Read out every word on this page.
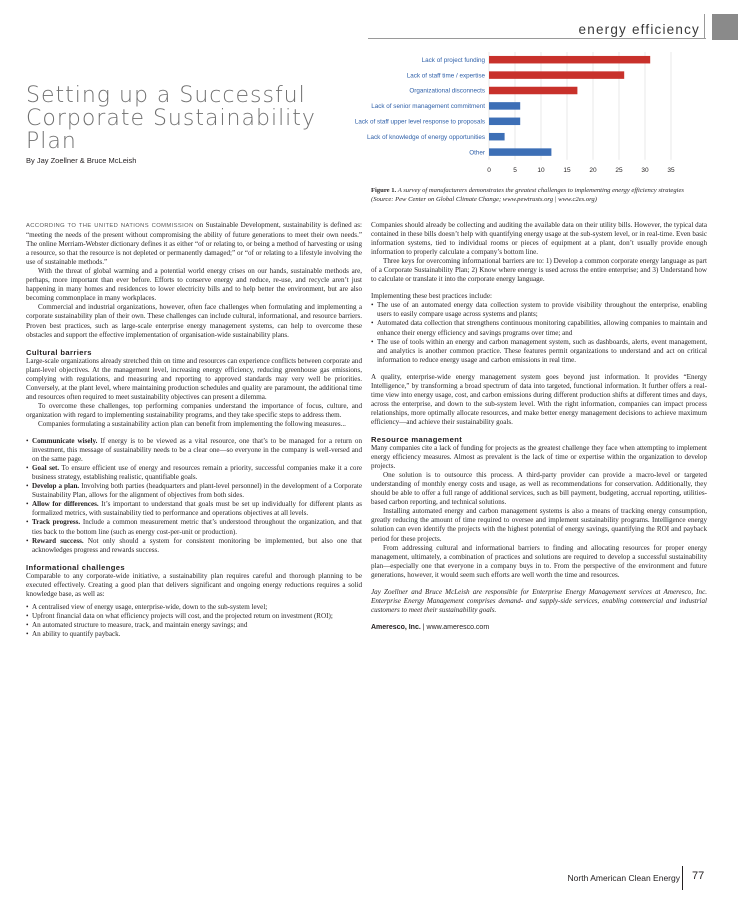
energy efficiency
Setting up a Successful Corporate Sustainability Plan
By Jay Zoellner & Bruce McLeish
0	5	10	15	20	25	30	35
Lack of project funding
Lack of staff time / expertise
Organizational disconnects
Lack of senior management commitment
Lack of staff upper level response to proposals
Lack of knowledge of energy opportunities
Other
Figure 1. A survey of manufacturers demonstrates the greatest challenges to implementing energy efficiency strategies (Source: Pew Center on Global Climate Change; www.pewtrusts.org | www.c2es.org)

ACCORDING TO THE UNITED NATIONS COMMISSION on Sustainable Development, sustainability is defined as: “meeting the needs of the present without compromising the ability of future generations to meet their own needs.” The online Merriam-Webster dictionary defines it as either “of or relating to, or being a method of harvesting or using a resource, so that the resource is not depleted or permanently damaged;” or “of or relating to a lifestyle involving the use of sustainable methods.”

With the threat of global warming and a potential world energy crises on our hands, sustainable methods are, perhaps, more important than ever before. Efforts to conserve energy and reduce, re-use, and recycle aren’t just happening in many homes and residences to lower electricity bills and to help better the environment, but are also becoming commonplace in many workplaces.

Commercial and industrial organizations, however, often face challenges when formulating and implementing a corporate sustainability plan of their own. These challenges can include cultural, informational, and resource barriers. Proven best practices, such as large-scale enterprise energy management systems, can help to overcome these obstacles and support the effective implementation of organisation-wide sustainability plans.

Cultural barriers

Large-scale organizations already stretched thin on time and resources can experience conflicts between corporate and plant-level objectives. At the management level, increasing energy efficiency, reducing greenhouse gas emissions, complying with regulations, and measuring and reporting to approved standards may very well be priorities. Conversely, at the plant level, where maintaining production schedules and quality are paramount, the additional time and resources often required to meet sustainability objectives can present a dilemma.

To overcome these challenges, top performing companies understand the importance of focus, culture, and organization with regard to implementing sustainability programs, and they take specific steps to address them.

Companies formulating a sustainability action plan can benefit from implementing the following measures...

• Communicate wisely. If energy is to be viewed as a vital resource, one that’s to be managed for a return on investment, this message of sustainability needs to be a clear one—so everyone in the company is well-versed and on the same page.
• Goal set. To ensure efficient use of energy and resources remain a priority, successful companies make it a core business strategy, establishing realistic, quantifiable goals.
• Develop a plan. Involving both parties (headquarters and plant-level personnel) in the development of a Corporate Sustainability Plan, allows for the alignment of objectives from both sides.
• Allow for differences. It’s important to understand that goals must be set up individually for different plants as formalized metrics, with sustainability tied to performance and operations objectives at all levels.
• Track progress. Include a common measurement metric that’s understood throughout the organization, and that ties back to the bottom line (such as energy cost-per-unit or production).
• Reward success. Not only should a system for consistent monitoring be implemented, but also one that acknowledges progress and rewards success.

Informational challenges

Comparable to any corporate-wide initiative, a sustainability plan requires careful and thorough planning to be executed effectively. Creating a good plan that delivers significant and ongoing energy reductions requires a solid knowledge base, as well as:

• A centralised view of energy usage, enterprise-wide, down to the sub-system level;
• Upfront financial data on what efficiency projects will cost, and the projected return on investment (ROI);
• An automated structure to measure, track, and maintain energy savings; and
• An ability to quantify payback.

Companies should already be collecting and auditing the available data on their utility bills. However, the typical data contained in these bills doesn’t help with quantifying energy usage at the sub-system level, or in real-time. Even basic information systems, tied to individual rooms or pieces of equipment at a plant, don’t usually provide enough information to properly calculate a company’s bottom line.

Three keys for overcoming informational barriers are to: 1) Develop a common corporate energy language as part of a Corporate Sustainability Plan; 2) Know where energy is used across the entire enterprise; and 3) Understand how to calculate or translate it into the corporate energy language.

Implementing these best practices include:

• The use of an automated energy data collection system to provide visibility throughout the enterprise, enabling users to easily compare usage across systems and plants;
• Automated data collection that strengthens continuous monitoring capabilities, allowing companies to maintain and enhance their energy efficiency and savings programs over time; and
• The use of tools within an energy and carbon management system, such as dashboards, alerts, event management, and analytics is another common practice. These features permit organizations to understand and act on critical information to reduce energy usage and carbon emissions in real time.

A quality, enterprise-wide energy management system goes beyond just information. It provides “Energy Intelligence,” by transforming a broad spectrum of data into targeted, functional information. It further offers a real-time view into energy usage, cost, and carbon emissions during different production shifts at different times and days, across the enterprise, and down to the sub-system level. With the right information, companies can impact process relationships, more optimally allocate resources, and make better energy management decisions to achieve maximum efficiency—and achieve their sustainability goals.

Resource management

Many companies cite a lack of funding for projects as the greatest challenge they face when attempting to implement energy efficiency measures. Almost as prevalent is the lack of time or expertise within the organization to develop projects.

One solution is to outsource this process. A third-party provider can provide a macro-level or targeted understanding of monthly energy costs and usage, as well as recommendations for conservation. Additionally, they should be able to offer a full range of additional services, such as bill payment, budgeting, accrual reporting, utilities-based carbon reporting, and technical solutions.

Installing automated energy and carbon management systems is also a means of tracking energy consumption, greatly reducing the amount of time required to oversee and implement sustainability programs. Intelligence energy solution can even identify the projects with the highest potential of energy savings, quantifying the ROI and payback period for these projects.

From addressing cultural and informational barriers to finding and allocating resources for proper energy management, ultimately, a combination of practices and solutions are required to develop a successful sustainability plan—especially one that everyone in a company buys in to. From the perspective of the environment and future generations, however, it would seem such efforts are well worth the time and resources.

Jay Zoellner and Bruce McLeish are responsible for Enterprise Energy Management services at Ameresco, Inc. Enterprise Energy Management comprises demand- and supply-side services, enabling commercial and industrial customers to meet their sustainability goals.

Ameresco, Inc. | www.ameresco.com

North American Clean Energy 77
